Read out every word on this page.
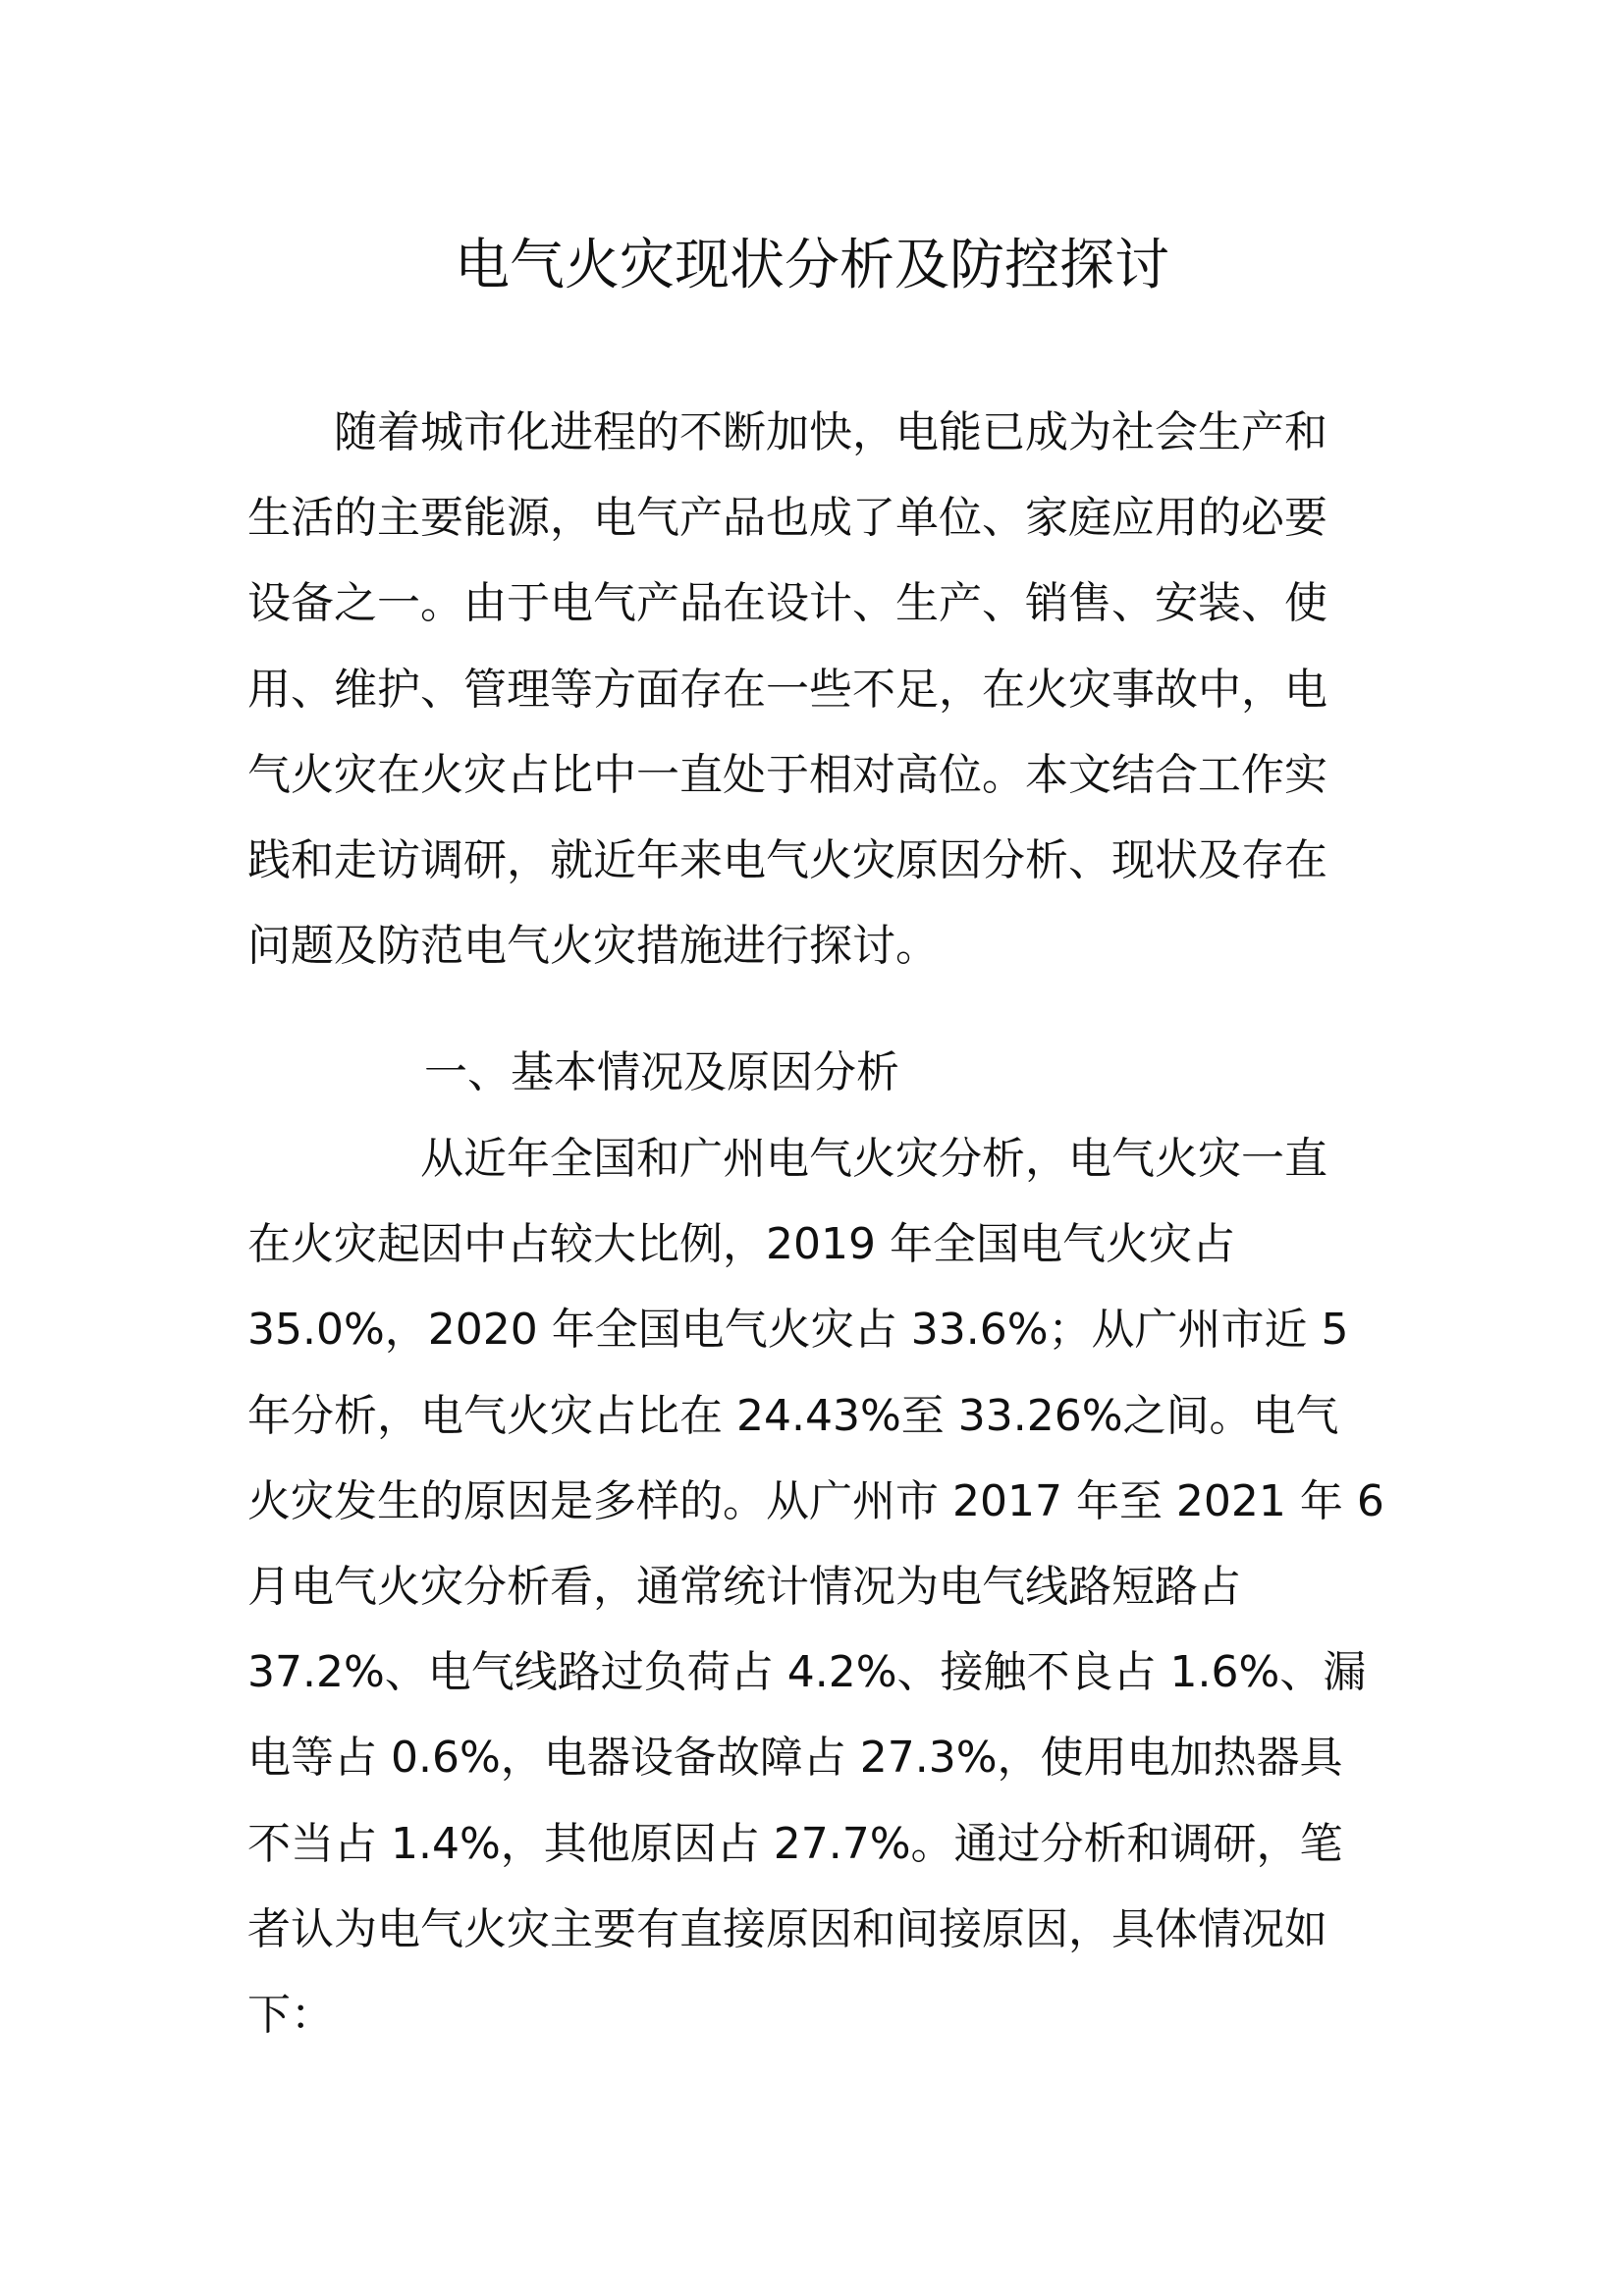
电气火灾现状分析及防控探讨
　　随着城市化进程的不断加快，电能已成为社会生产和
生活的主要能源，电气产品也成了单位、家庭应用的必要
设备之一。由于电气产品在设计、生产、销售、安装、使
用、维护、管理等方面存在一些不足，在火灾事故中，电
气火灾在火灾占比中一直处于相对高位。本文结合工作实
践和走访调研，就近年来电气火灾原因分析、现状及存在
问题及防范电气火灾措施进行探讨。
一、基本情况及原因分析
　　　　从近年全国和广州电气火灾分析，电气火灾一直
在火灾起因中占较大比例，2019 年全国电气火灾占
35.0%，2020 年全国电气火灾占 33.6%；从广州市近 5
年分析，电气火灾占比在 24.43%至 33.26%之间。电气
火灾发生的原因是多样的。从广州市 2017 年至 2021 年 6
月电气火灾分析看，通常统计情况为电气线路短路占
37.2%、电气线路过负荷占 4.2%、接触不良占 1.6%、漏
电等占 0.6%，电器设备故障占 27.3%，使用电加热器具
不当占 1.4%，其他原因占 27.7%。通过分析和调研，笔
者认为电气火灾主要有直接原因和间接原因，具体情况如
下：
